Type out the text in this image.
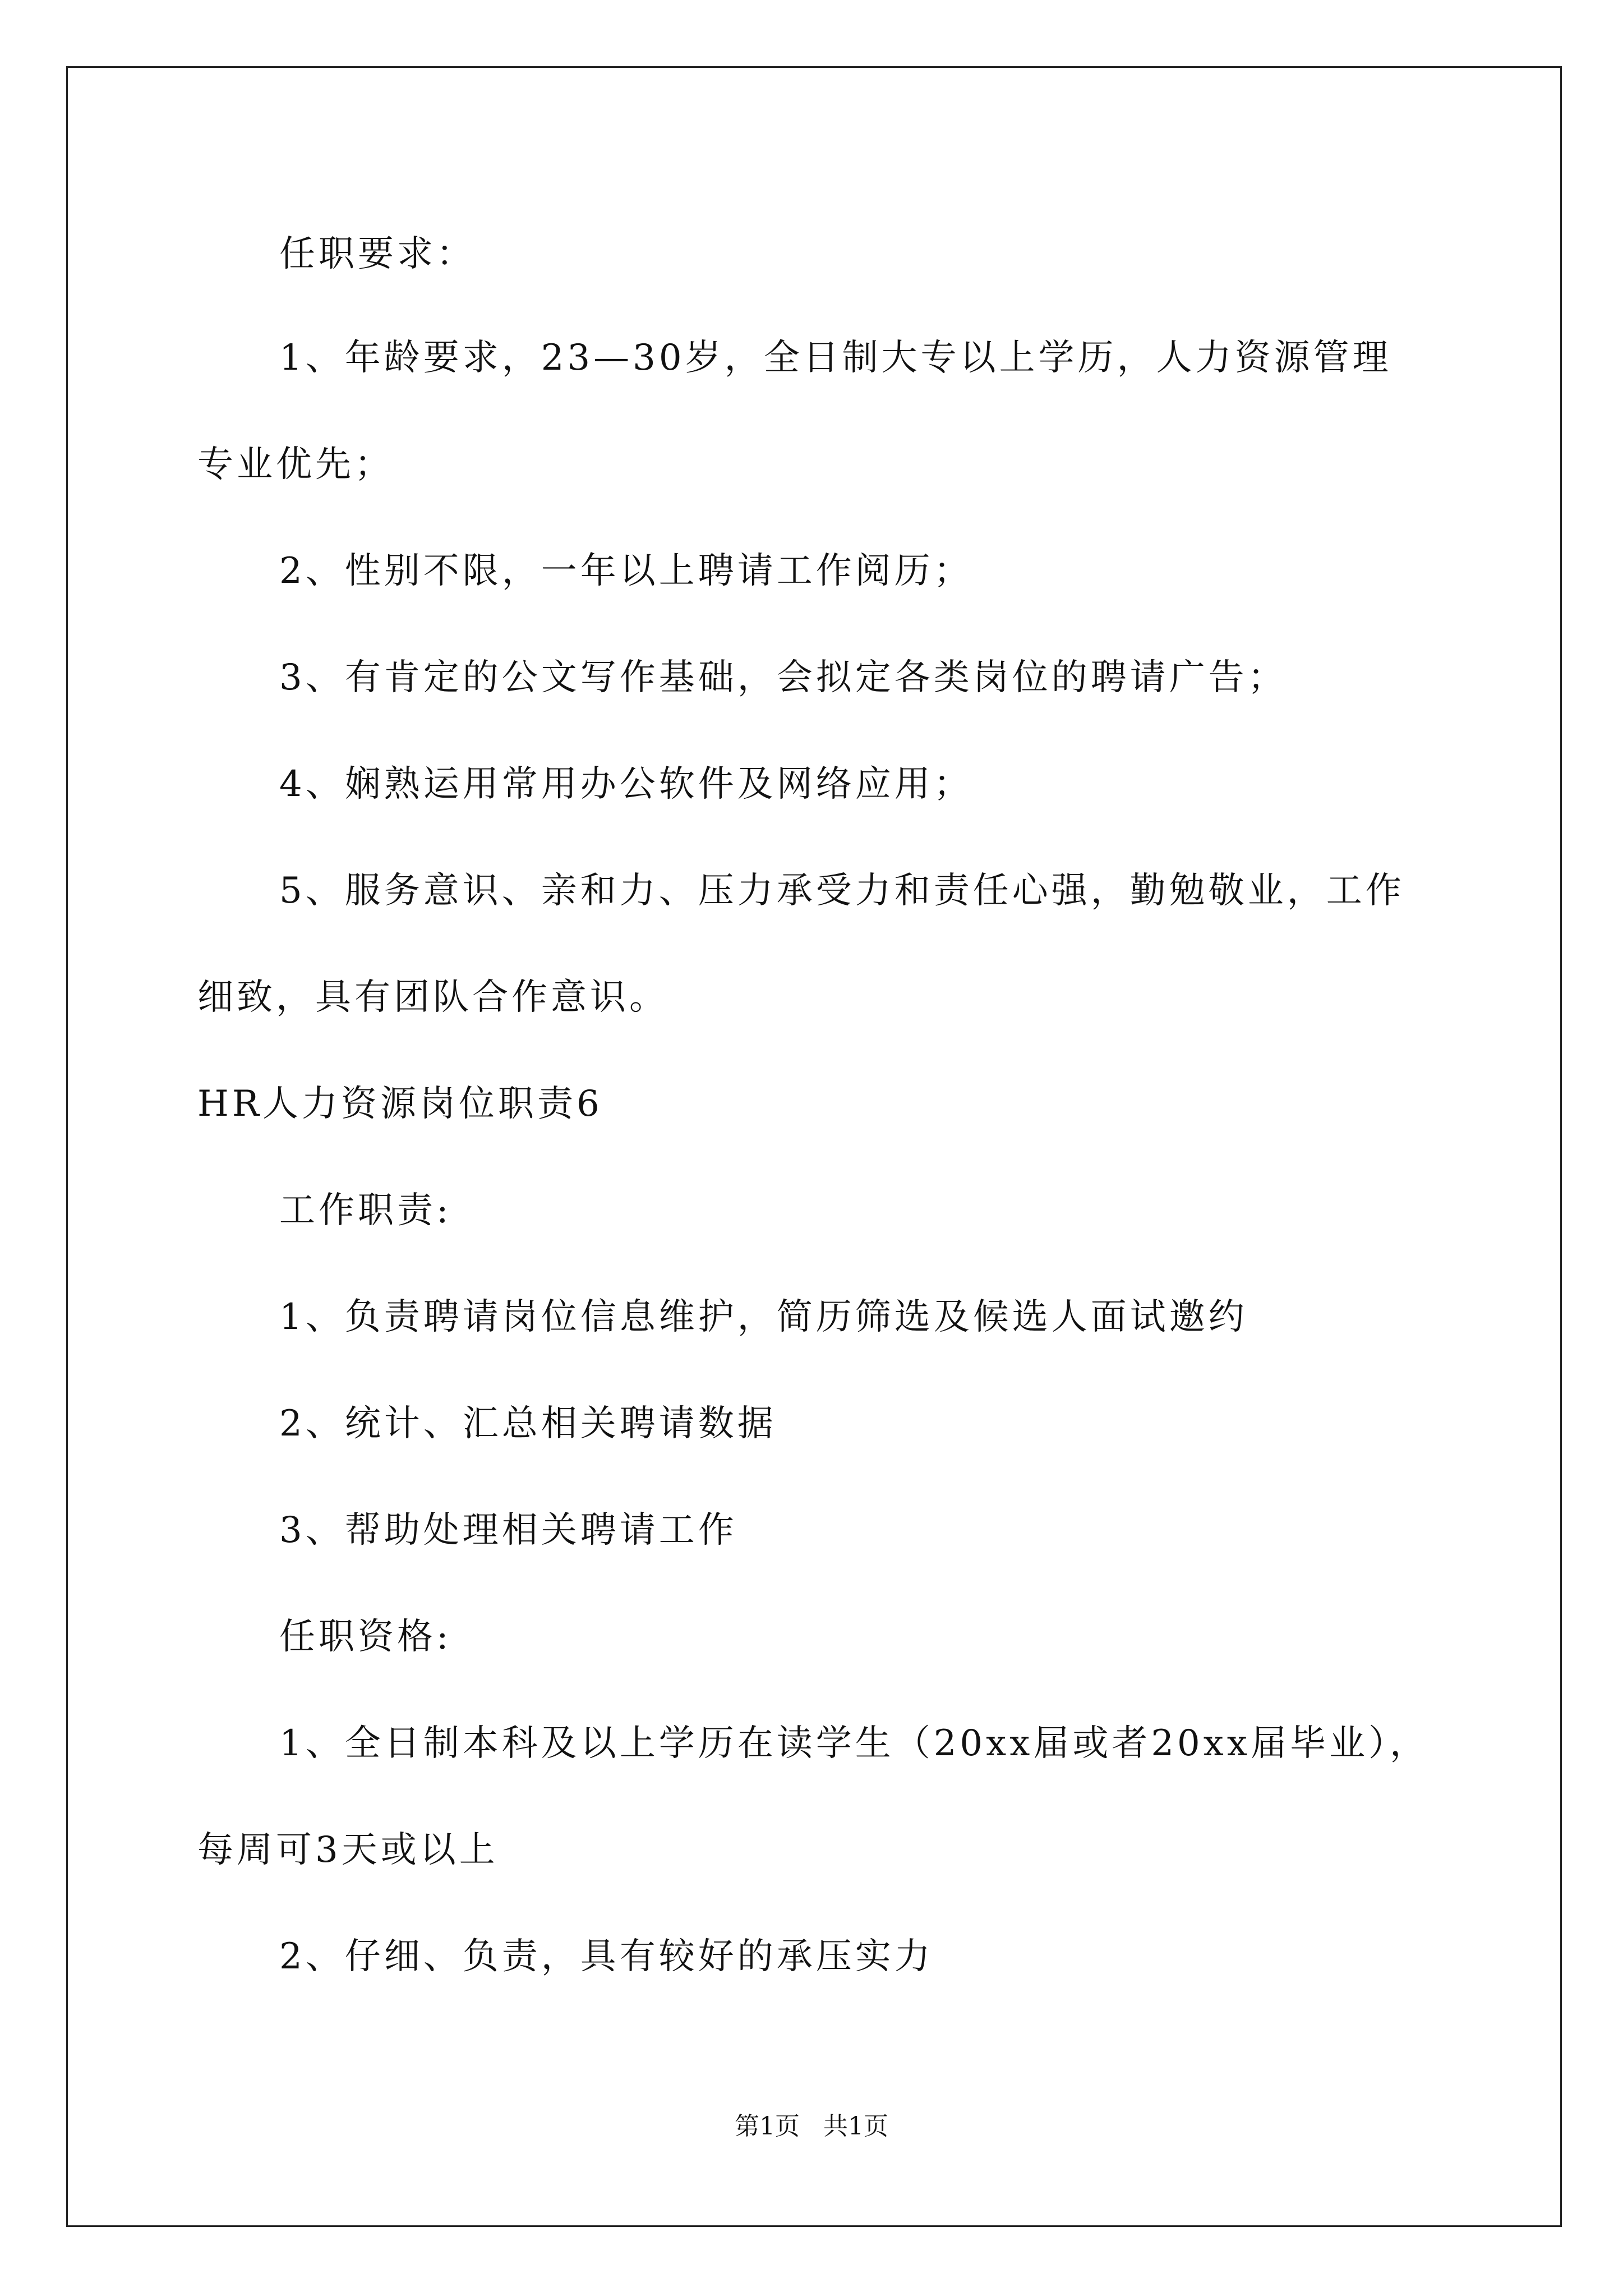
任职要求：
1、年龄要求，23—30岁，全日制大专以上学历，人力资源管理
专业优先；
2、性别不限，一年以上聘请工作阅历；
3、有肯定的公文写作基础，会拟定各类岗位的聘请广告；
4、娴熟运用常用办公软件及网络应用；
5、服务意识、亲和力、压力承受力和责任心强，勤勉敬业，工作
细致，具有团队合作意识。
HR人力资源岗位职责6
工作职责:
1、负责聘请岗位信息维护，简历筛选及候选人面试邀约
2、统计、汇总相关聘请数据
3、帮助处理相关聘请工作
任职资格:
1、全日制本科及以上学历在读学生（20xx届或者20xx届毕业），
每周可3天或以上
2、仔细、负责，具有较好的承压实力
第1页   共1页
